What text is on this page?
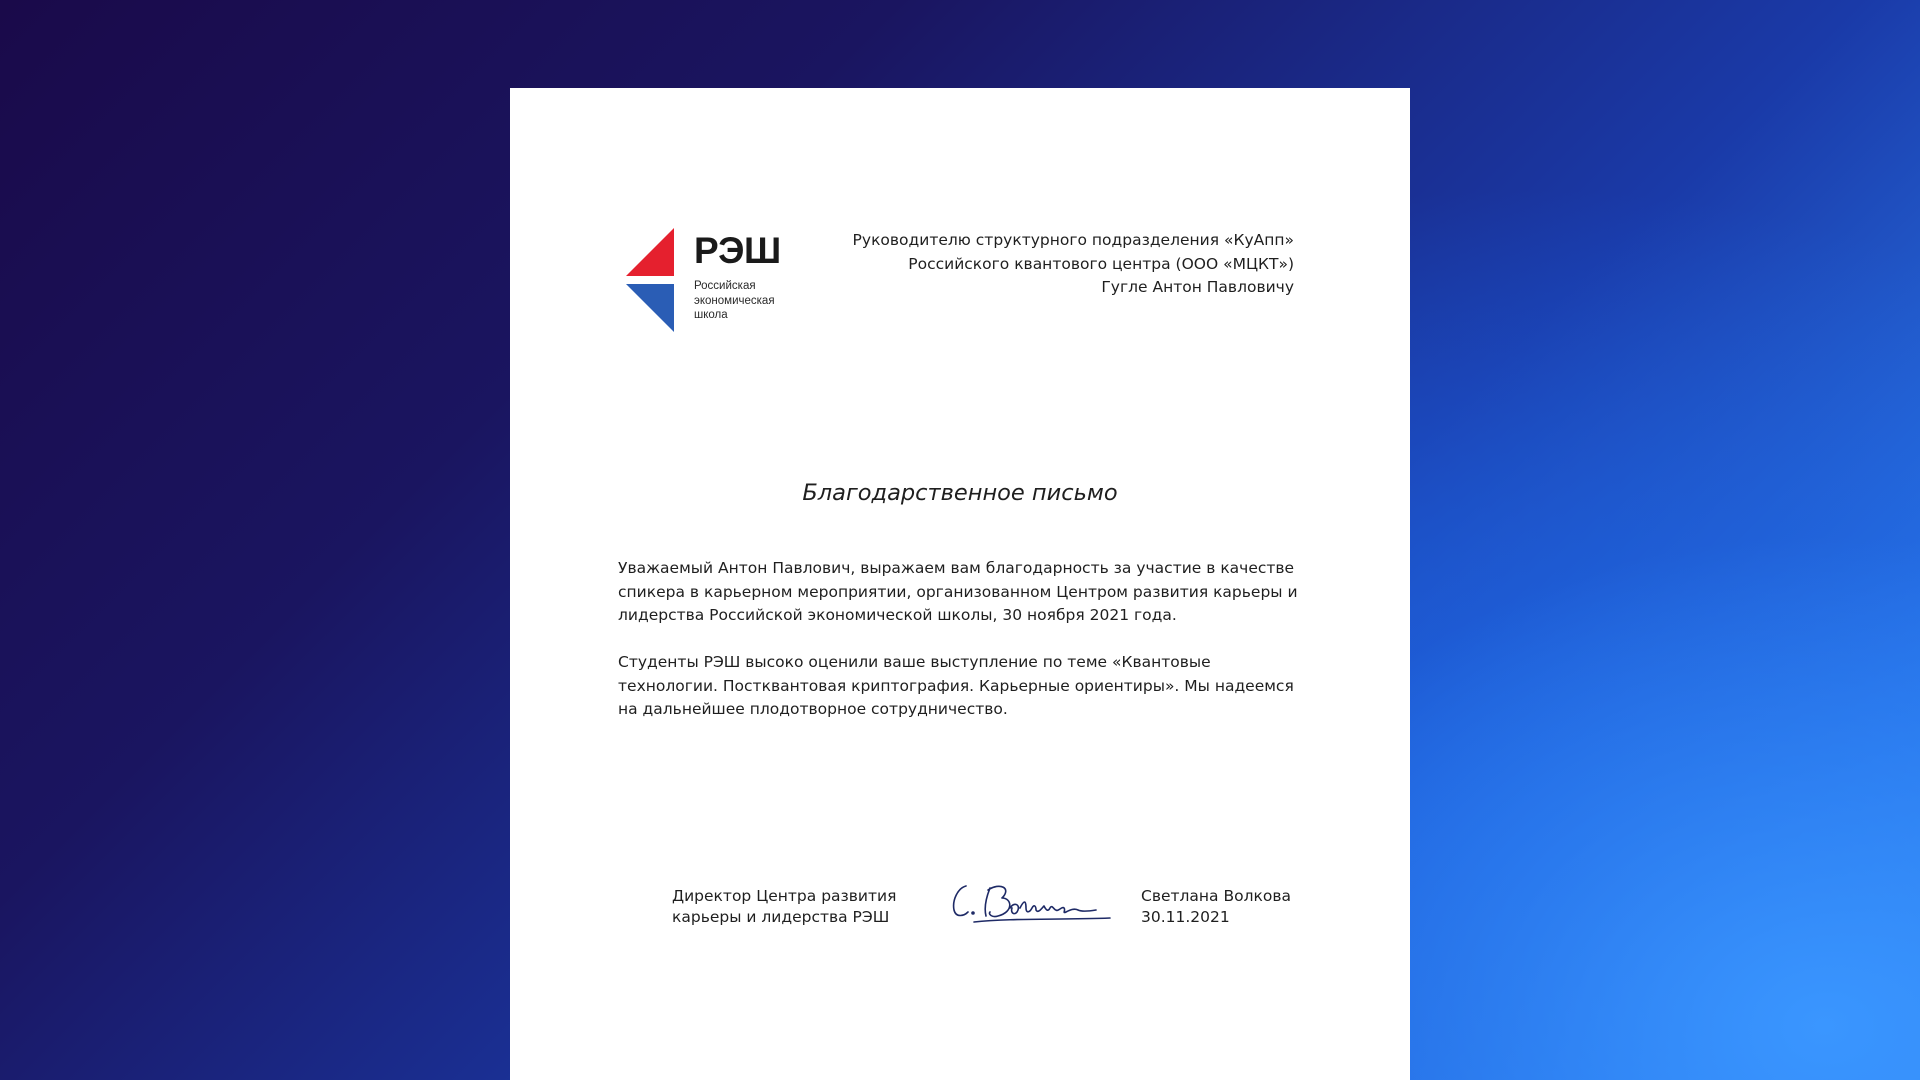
РЭШ
Российская
экономическая
школа
Руководителю структурного подразделения «КуАпп»
Российского квантового центра (ООО «МЦКТ»)
Гугле Антон Павловичу
Благодарственное письмо

Уважаемый Антон Павлович, выражаем вам благодарность за участие в качестве спикера в карьерном мероприятии, организованном Центром развития карьеры и лидерства Российской экономической школы, 30 ноября 2021 года.

Студенты РЭШ высоко оценили ваше выступление по теме «Квантовые технологии. Постквантовая криптография. Карьерные ориентиры». Мы надеемся на дальнейшее плодотворное сотрудничество.

Директор Центра развития
карьеры и лидерства РЭШ
Светлана Волкова
30.11.2021
